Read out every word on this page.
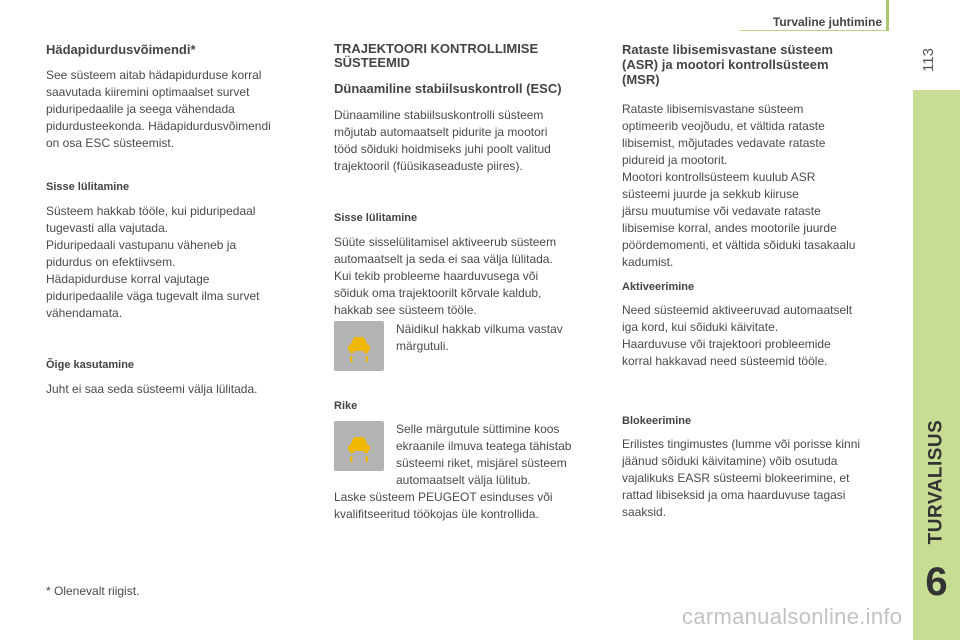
Turvaline juhtimine
113
TURVALISUS
6
Hädapidurdusvõimendi*

See süsteem aitab hädapidurduse korral
saavutada kiiremini optimaalset survet
piduripedaalile ja seega vähendada
pidurdusteekonda. Hädapidurdusvõimendi
on osa ESC süsteemist.

Sisse lülitamine

Süsteem hakkab tööle, kui piduripedaal
tugevasti alla vajutada.
Piduripedaali vastupanu väheneb ja
pidurdus on efektiivsem.
Hädapidurduse korral vajutage
piduripedaalile väga tugevalt ilma survet
vähendamata.

Õige kasutamine

Juht ei saa seda süsteemi välja lülitada.

TRAJEKTOORI KONTROLLIMISE
SÜSTEEMID
Dünaamiline stabiilsuskontroll (ESC)

Dünaamiline stabiilsuskontrolli süsteem
mõjutab automaatselt pidurite ja mootori
tööd sõiduki hoidmiseks juhi poolt valitud
trajektooril (füüsikaseaduste piires).

Sisse lülitamine

Süüte sisselülitamisel aktiveerub süsteem
automaatselt ja seda ei saa välja lülitada.
Kui tekib probleeme haarduvusega või
sõiduk oma trajektoorilt kõrvale kaldub,
hakkab see süsteem tööle.

Näidikul hakkab vilkuma vastav
märgutuli.

Rike

Selle märgutule süttimine koos
ekraanile ilmuva teatega tähistab
süsteemi riket, misjärel süsteem
automaatselt välja lülitub.

Laske süsteem PEUGEOT esinduses või
kvalifitseeritud töökojas üle kontrollida.

Rataste libisemisvastane süsteem
(ASR) ja mootori kontrollsüsteem
(MSR)

Rataste libisemisvastane süsteem
optimeerib veojõudu, et vältida rataste
libisemist, mõjutades vedavate rataste
pidureid ja mootorit.
Mootori kontrollsüsteem kuulub ASR
süsteemi juurde ja sekkub kiiruse
järsu muutumise või vedavate rataste
libisemise korral, andes mootorile juurde
pöördemomenti, et vältida sõiduki tasakaalu
kadumist.

Aktiveerimine

Need süsteemid aktiveeruvad automaatselt
iga kord, kui sõiduki käivitate.
Haarduvuse või trajektoori probleemide
korral hakkavad need süsteemid tööle.

Blokeerimine

Erilistes tingimustes (lumme või porisse kinni
jäänud sõiduki käivitamine) võib osutuda
vajalikuks EASR süsteemi blokeerimine, et
rattad libiseksid ja oma haarduvuse tagasi
saaksid.

* Olenevalt riigist.

carmanualsonline.info
